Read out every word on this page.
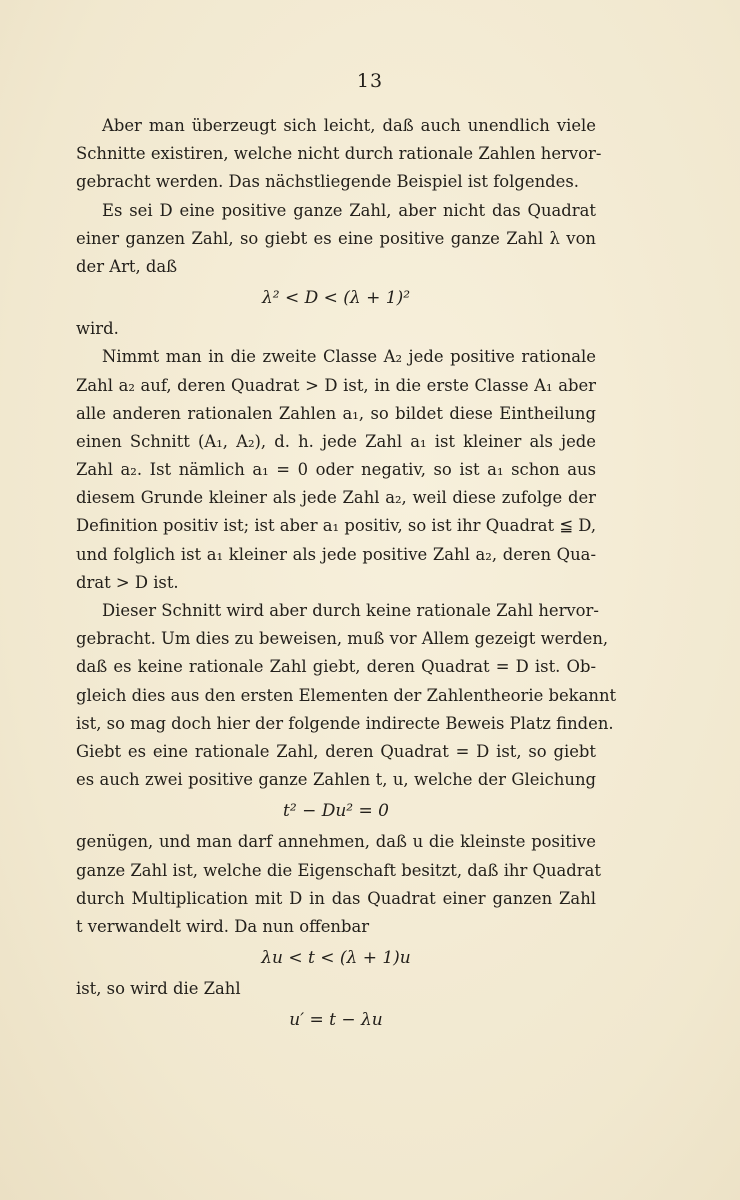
13
Aber man überzeugt sich leicht, daß auch unendlich viele
Schnitte existiren, welche nicht durch rationale Zahlen hervor-
gebracht werden. Das nächstliegende Beispiel ist folgendes.
Es sei D eine positive ganze Zahl, aber nicht das Quadrat
einer ganzen Zahl, so giebt es eine positive ganze Zahl λ von
der Art, daß
λ² < D < (λ + 1)²
wird.
Nimmt man in die zweite Classe A₂ jede positive rationale
Zahl a₂ auf, deren Quadrat > D ist, in die erste Classe A₁ aber
alle anderen rationalen Zahlen a₁, so bildet diese Eintheilung
einen Schnitt (A₁, A₂), d. h. jede Zahl a₁ ist kleiner als jede
Zahl a₂. Ist nämlich a₁ = 0 oder negativ, so ist a₁ schon aus
diesem Grunde kleiner als jede Zahl a₂, weil diese zufolge der
Definition positiv ist; ist aber a₁ positiv, so ist ihr Quadrat ≦ D,
und folglich ist a₁ kleiner als jede positive Zahl a₂, deren Qua-
drat > D ist.
Dieser Schnitt wird aber durch keine rationale Zahl hervor-
gebracht. Um dies zu beweisen, muß vor Allem gezeigt werden,
daß es keine rationale Zahl giebt, deren Quadrat = D ist. Ob-
gleich dies aus den ersten Elementen der Zahlentheorie bekannt
ist, so mag doch hier der folgende indirecte Beweis Platz finden.
Giebt es eine rationale Zahl, deren Quadrat = D ist, so giebt
es auch zwei positive ganze Zahlen t, u, welche der Gleichung
t² − Du² = 0
genügen, und man darf annehmen, daß u die kleinste positive
ganze Zahl ist, welche die Eigenschaft besitzt, daß ihr Quadrat
durch Multiplication mit D in das Quadrat einer ganzen Zahl
t verwandelt wird. Da nun offenbar
λu < t < (λ + 1)u
ist, so wird die Zahl
u′ = t − λu
